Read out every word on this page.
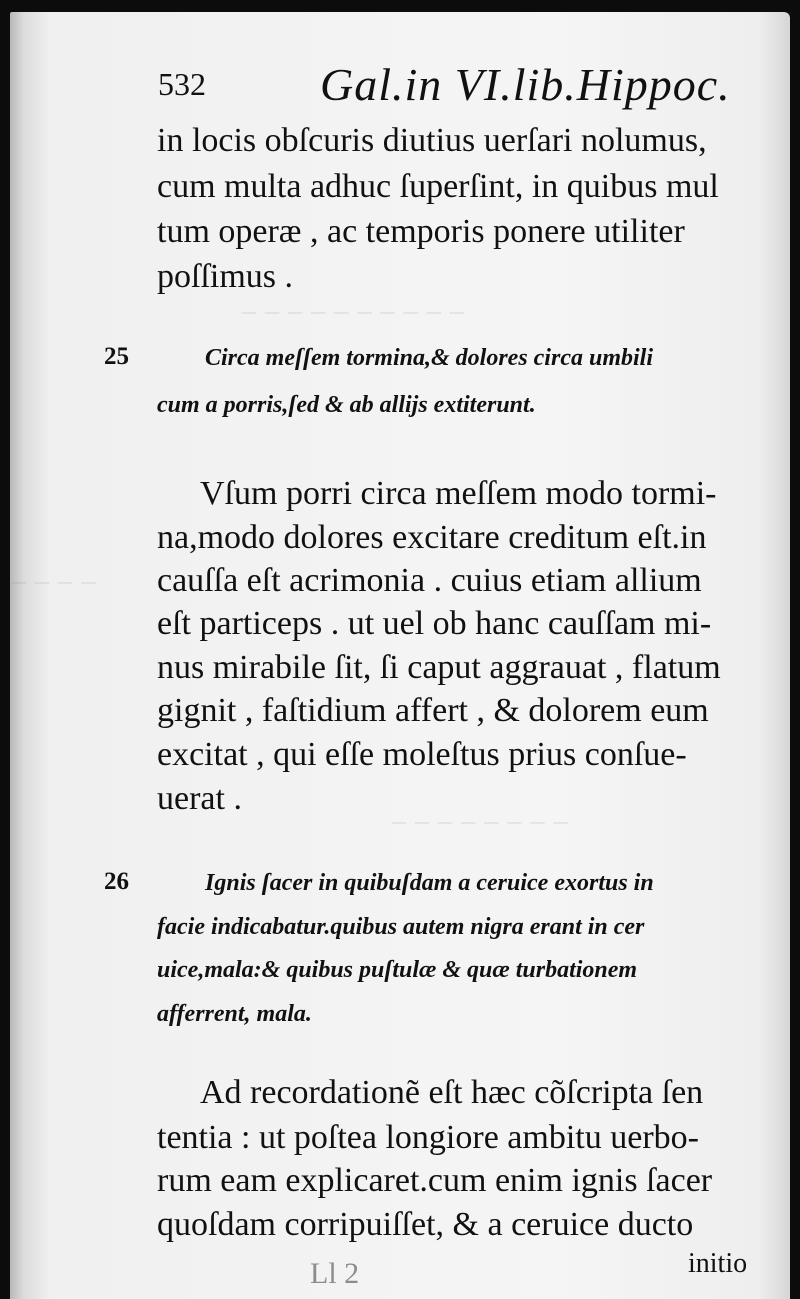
— — — — — — — — — —
— — — —
— — — — — — — —
532 Gal.in VI.lib.Hippoc.

in locis obſcuris diutius uerſari nolumus,

cum multa adhuc ſuperſint, in quibus mul

tum operæ , ac temporis ponere utiliter

poſſimus .

25	Circa meſſem tormina,& dolores circa umbili

cum a porris,ſed & ab allijs extiterunt.

Vſum porri circa meſſem modo tormi-

na,modo dolores excitare creditum eſt.in

cauſſa eſt acrimonia . cuius etiam allium

eſt particeps . ut uel ob hanc cauſſam mi-

nus mirabile ſit, ſi caput aggrauat , flatum

gignit , faſtidium affert , & dolorem eum

excitat , qui eſſe moleſtus prius conſue-

uerat .

26	Ignis ſacer in quibuſdam a ceruice exortus in

facie indicabatur.quibus autem nigra erant in cer

uice,mala:& quibus puſtulæ & quæ turbationem

afferrent, mala.

Ad recordationẽ eſt hæc cõſcripta ſen

tentia : ut poſtea longiore ambitu uerbo-

rum eam explicaret.cum enim ignis ſacer

quoſdam corripuiſſet, & a ceruice ducto

initio

Ll 2
